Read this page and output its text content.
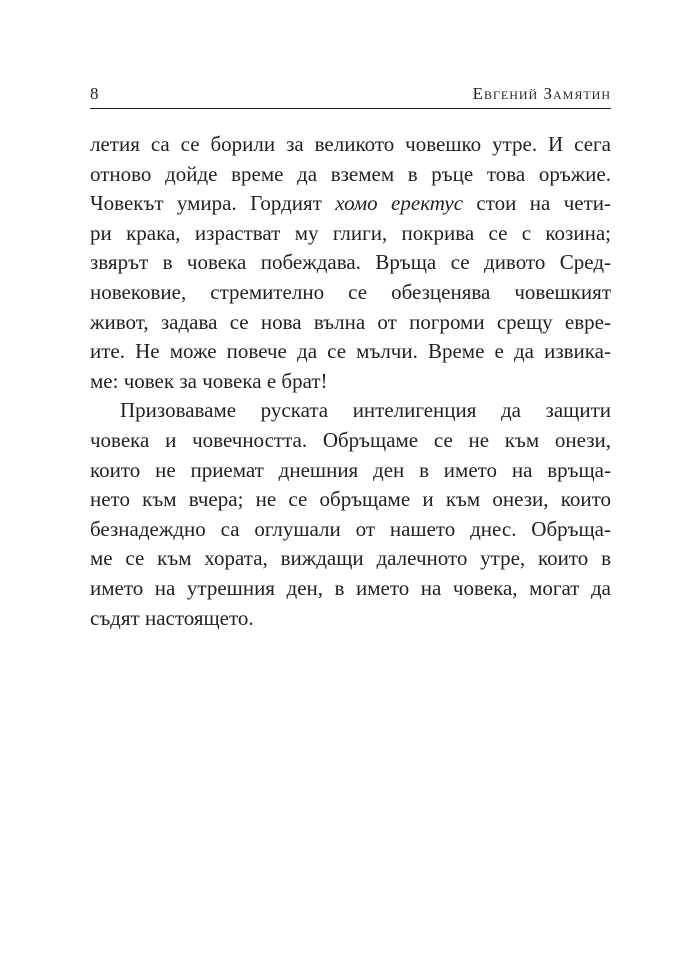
8	Евгений Замятин
летия са се борили за великото човешко утре. И сега
отново дойде време да вземем в ръце това оръжие.
Човекът умира. Гордият хомо еректус стои на чети-
ри крака, израстват му глиги, покрива се с козина;
звярът в човека побеждава. Връща се дивото Сред-
новековие, стремително се обезценява човешкият
живот, задава се нова вълна от погроми срещу евре-
ите. Не може повече да се мълчи. Време е да извика-
ме: човек за човека е брат!
Призоваваме руската интелигенция да защити
човека и човечността. Обръщаме се не към онези,
които не приемат днешния ден в името на връща-
нето към вчера; не се обръщаме и към онези, които
безнадеждно са оглушали от нашето днес. Обръща-
ме се към хората, виждащи далечното утре, които в
името на утрешния ден, в името на човека, могат да
съдят настоящето.
